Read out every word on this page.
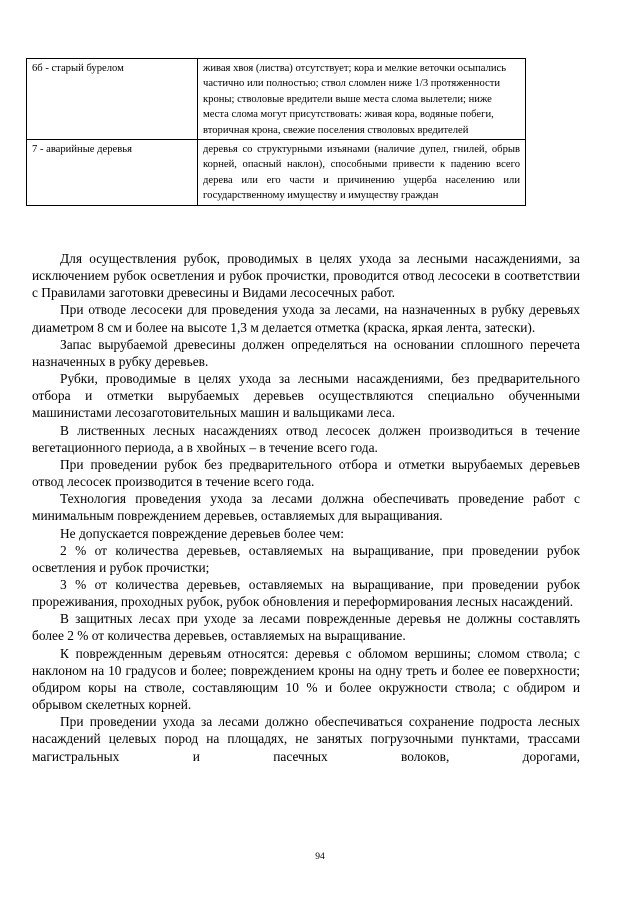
6б - старый бурелом	живая хвоя (листва) отсутствует; кора и мелкие веточки осыпались частично или полностью; ствол сломлен ниже 1/3 протяженности кроны; стволовые вредители выше места слома вылетели; ниже места слома могут присутствовать: живая кора, водяные побеги, вторичная крона, свежие поселения стволовых вредителей
7 - аварийные деревья	деревья со структурными изъянами (наличие дупел, гнилей, обрыв корней, опасный наклон), способными привести к падению всего дерева или его части и причинению ущерба населению или государственному имуществу и имуществу граждан

Для осуществления рубок, проводимых в целях ухода за лесными насаждениями, за исключением рубок осветления и рубок прочистки, проводится отвод лесосеки в соответствии с Правилами заготовки древесины и Видами лесосечных работ.

При отводе лесосеки для проведения ухода за лесами, на назначенных в рубку деревьях диаметром 8 см и более на высоте 1,3 м делается отметка (краска, яркая лента, затески).

Запас вырубаемой древесины должен определяться на основании сплошного перечета назначенных в рубку деревьев.

Рубки, проводимые в целях ухода за лесными насаждениями, без предварительного отбора и отметки вырубаемых деревьев осуществляются специально обученными машинистами лесозаготовительных машин и вальщиками леса.

В лиственных лесных насаждениях отвод лесосек должен производиться в течение вегетационного периода, а в хвойных – в течение всего года.

При проведении рубок без предварительного отбора и отметки вырубаемых деревьев отвод лесосек производится в течение всего года.

Технология проведения ухода за лесами должна обеспечивать проведение работ с минимальным повреждением деревьев, оставляемых для выращивания.

Не допускается повреждение деревьев более чем:

2 % от количества деревьев, оставляемых на выращивание, при проведении рубок осветления и рубок прочистки;

3 % от количества деревьев, оставляемых на выращивание, при проведении рубок прореживания, проходных рубок, рубок обновления и переформирования лесных насаждений.

В защитных лесах при уходе за лесами поврежденные деревья не должны составлять более 2 % от количества деревьев, оставляемых на выращивание.

К поврежденным деревьям относятся: деревья с обломом вершины; сломом ствола; с наклоном на 10 градусов и более; повреждением кроны на одну треть и более ее поверхности; обдиром коры на стволе, составляющим 10 % и более окружности ствола; с обдиром и обрывом скелетных корней.

При проведении ухода за лесами должно обеспечиваться сохранение подроста лесных насаждений целевых пород на площадях, не занятых погрузочными пунктами, трассами магистральных и пасечных волоков, дорогами,

94
